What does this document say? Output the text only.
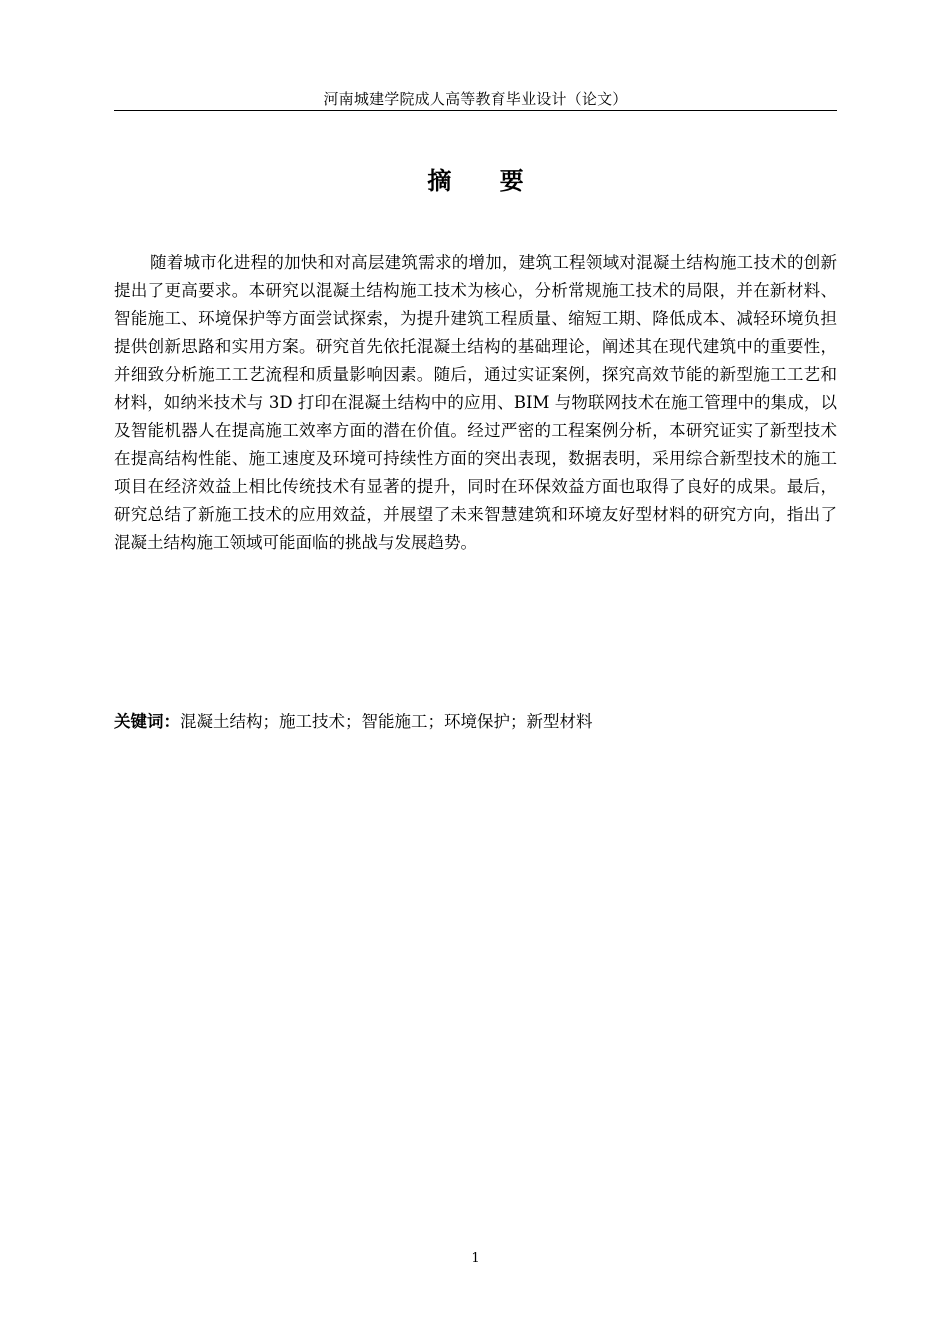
河南城建学院成人高等教育毕业设计（论文）
摘 要

随着城市化进程的加快和对高层建筑需求的增加，建筑工程领域对混凝土结构施工技术的创新提出了更高要求。本研究以混凝土结构施工技术为核心，分析常规施工技术的局限，并在新材料、智能施工、环境保护等方面尝试探索，为提升建筑工程质量、缩短工期、降低成本、减轻环境负担提供创新思路和实用方案。研究首先依托混凝土结构的基础理论，阐述其在现代建筑中的重要性，并细致分析施工工艺流程和质量影响因素。随后，通过实证案例，探究高效节能的新型施工工艺和材料，如纳米技术与 3D 打印在混凝土结构中的应用、BIM 与物联网技术在施工管理中的集成，以及智能机器人在提高施工效率方面的潜在价值。经过严密的工程案例分析，本研究证实了新型技术在提高结构性能、施工速度及环境可持续性方面的突出表现，数据表明，采用综合新型技术的施工项目在经济效益上相比传统技术有显著的提升，同时在环保效益方面也取得了良好的成果。最后，研究总结了新施工技术的应用效益，并展望了未来智慧建筑和环境友好型材料的研究方向，指出了混凝土结构施工领域可能面临的挑战与发展趋势。

关键词：混凝土结构；施工技术；智能施工；环境保护；新型材料
1
